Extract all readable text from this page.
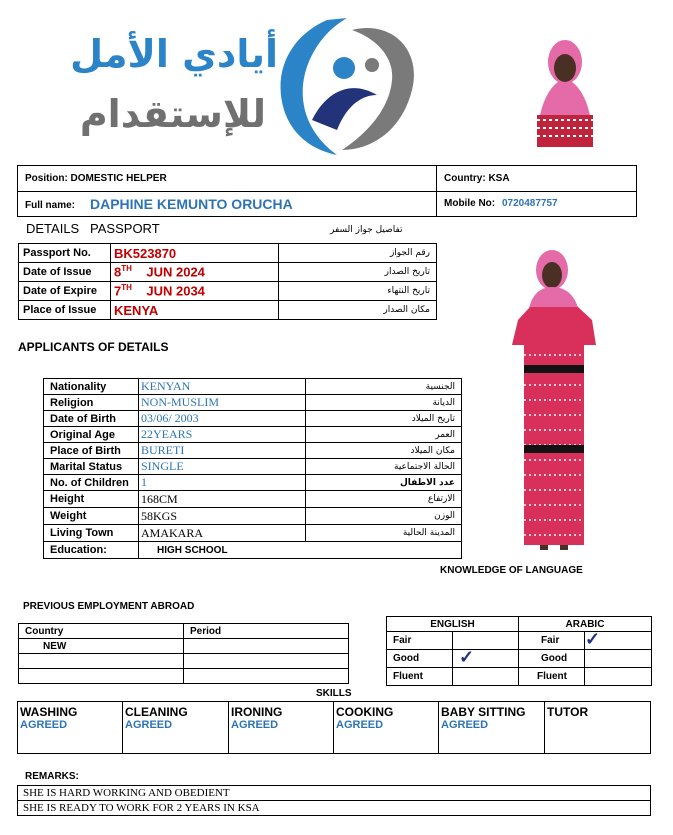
أيادي الأمل
للإستقدام
Position: DOMESTIC HELPER	Country: KSA
Full name: DAPHINE KEMUNTO ORUCHA	Mobile No: 0720487757
DETAILS   PASSPORT	تفاصيل جواز السفر
Passport No.	BK523870	رقم الجواز
Date of Issue	8TH JUN 2024	تاريخ الصدار
Date of Expire	7TH JUN 2034	تاريخ النتهاء
Place of Issue	KENYA	مكان الصدار
APPLICANTS OF DETAILS
Nationality	KENYAN	الجنسية
Religion	NON-MUSLIM	الديانة
Date of Birth	03/06/ 2003	تاريخ الميلاد
Original Age	22YEARS	العمر
Place of Birth	BURETI	مكان الميلاد
Marital Status	SINGLE	الحالة الاجتماعية
No. of Children	1	عدد الاطفال
Height	168CM	الارتفاع
Weight	58KGS	الوزن
Living Town	AMAKARA	المدينة الحالية
Education:	HIGH SCHOOL	
KNOWLEDGE OF LANGUAGE
ENGLISH		ARABIC	
Fair		Fair	✓
Good	✓	Good	
Fluent		Fluent	
PREVIOUS EMPLOYMENT ABROAD
Country	Period
NEW	

SKILLS
WASHING
AGREED

CLEANING
AGREED

IRONING
AGREED

COOKING
AGREED

BABY SITTING
AGREED

TUTOR
REMARKS:
SHE IS HARD WORKING AND OBEDIENT
SHE IS READY TO WORK FOR 2 YEARS IN KSA
